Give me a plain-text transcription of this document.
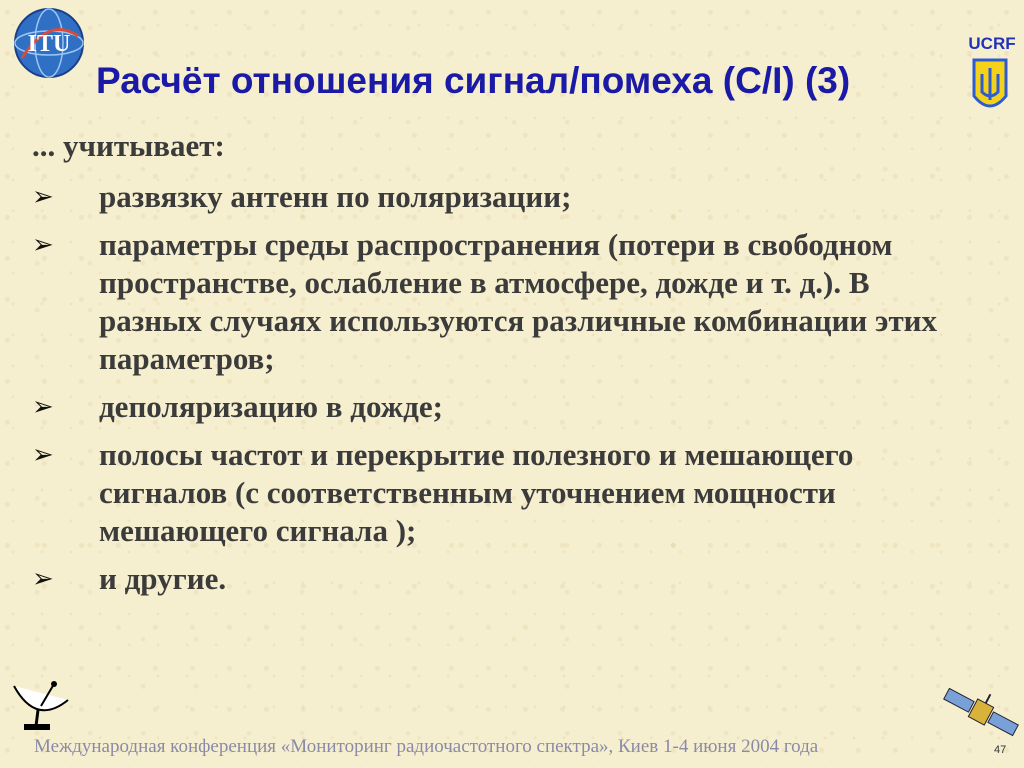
ITU	UCRF
Расчёт отношения сигнал/помеха (C/I) (3)

... учитывает:

➢ развязку антенн по поляризации;
➢ параметры среды распространения (потери в свободном пространстве, ослабление в атмосфере, дожде и т. д.). В разных случаях используются различные комбинации этих параметров;
➢ деполяризацию в дожде;
➢ полосы частот и перекрытие полезного и мешающего сигналов (с соответственным уточнением мощности мешающего сигнала );
➢ и другие.

Международная конференция «Мониторинг радиочастотного спектра», Киев 1-4 июня 2004 года	47
